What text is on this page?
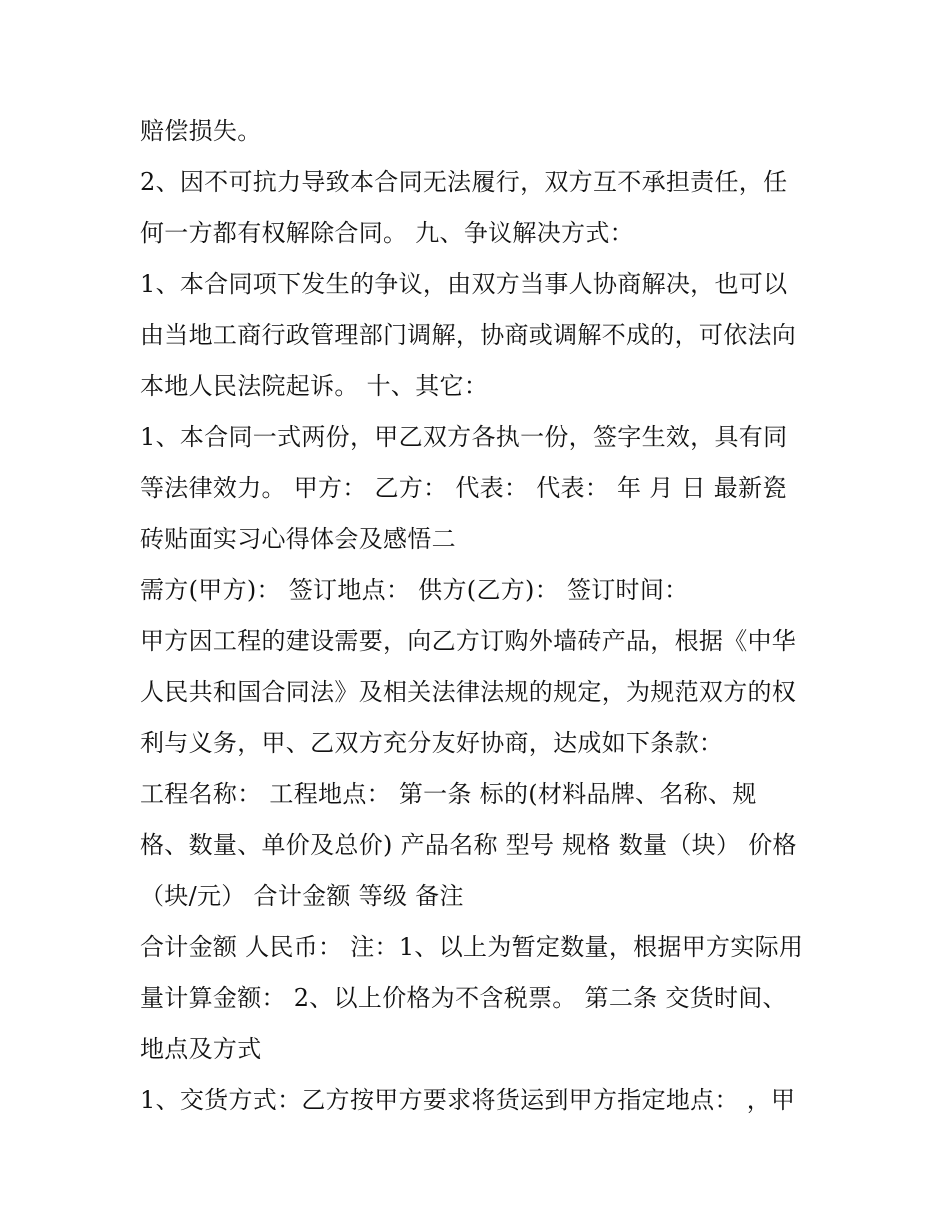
赔偿损失。
2、因不可抗力导致本合同无法履行，双方互不承担责任，任
何一方都有权解除合同。 九、争议解决方式：
1、本合同项下发生的争议，由双方当事人协商解决，也可以
由当地工商行政管理部门调解，协商或调解不成的，可依法向
本地人民法院起诉。 十、其它：
1、本合同一式两份，甲乙双方各执一份，签字生效，具有同
等法律效力。 甲方： 乙方： 代表： 代表： 年 月 日 最新瓷
砖贴面实习心得体会及感悟二
需方(甲方)： 签订地点： 供方(乙方)： 签订时间：
甲方因工程的建设需要，向乙方订购外墙砖产品，根据《中华
人民共和国合同法》及相关法律法规的规定，为规范双方的权
利与义务，甲、乙双方充分友好协商，达成如下条款：
工程名称： 工程地点： 第一条 标的(材料品牌、名称、规
格、数量、单价及总价) 产品名称 型号 规格 数量（块） 价格
（块/元） 合计金额 等级 备注
合计金额 人民币： 注：1、以上为暂定数量，根据甲方实际用
量计算金额： 2、以上价格为不含税票。 第二条 交货时间、
地点及方式
1、交货方式：乙方按甲方要求将货运到甲方指定地点： ，甲
